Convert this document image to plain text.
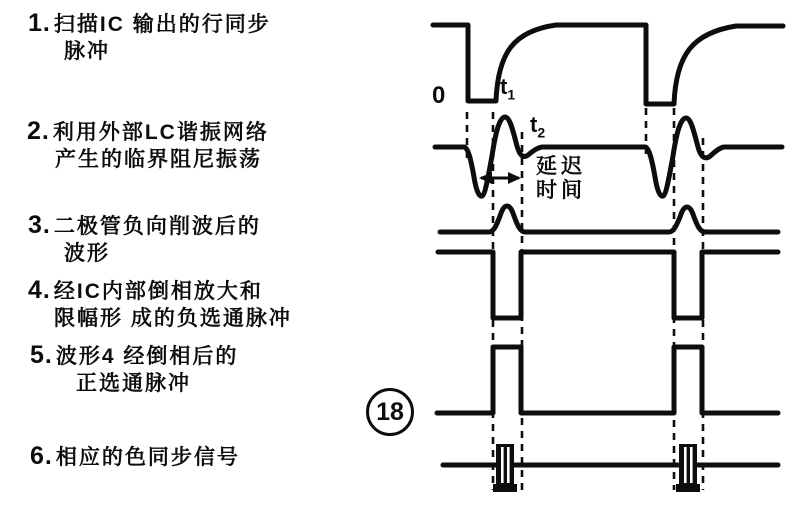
1. 扫描IC 输出的行同步
脉冲
2. 利用外部LC谐振网络
产生的临界阻尼振荡
3. 二极管负向削波后的
波形
4. 经IC内部倒相放大和
限幅形 成的负选通脉冲
5. 波形4 经倒相后的
正选通脉冲
6. 相应的色同步信号
0 $t_1$
$t_2$
延迟
时间
18
